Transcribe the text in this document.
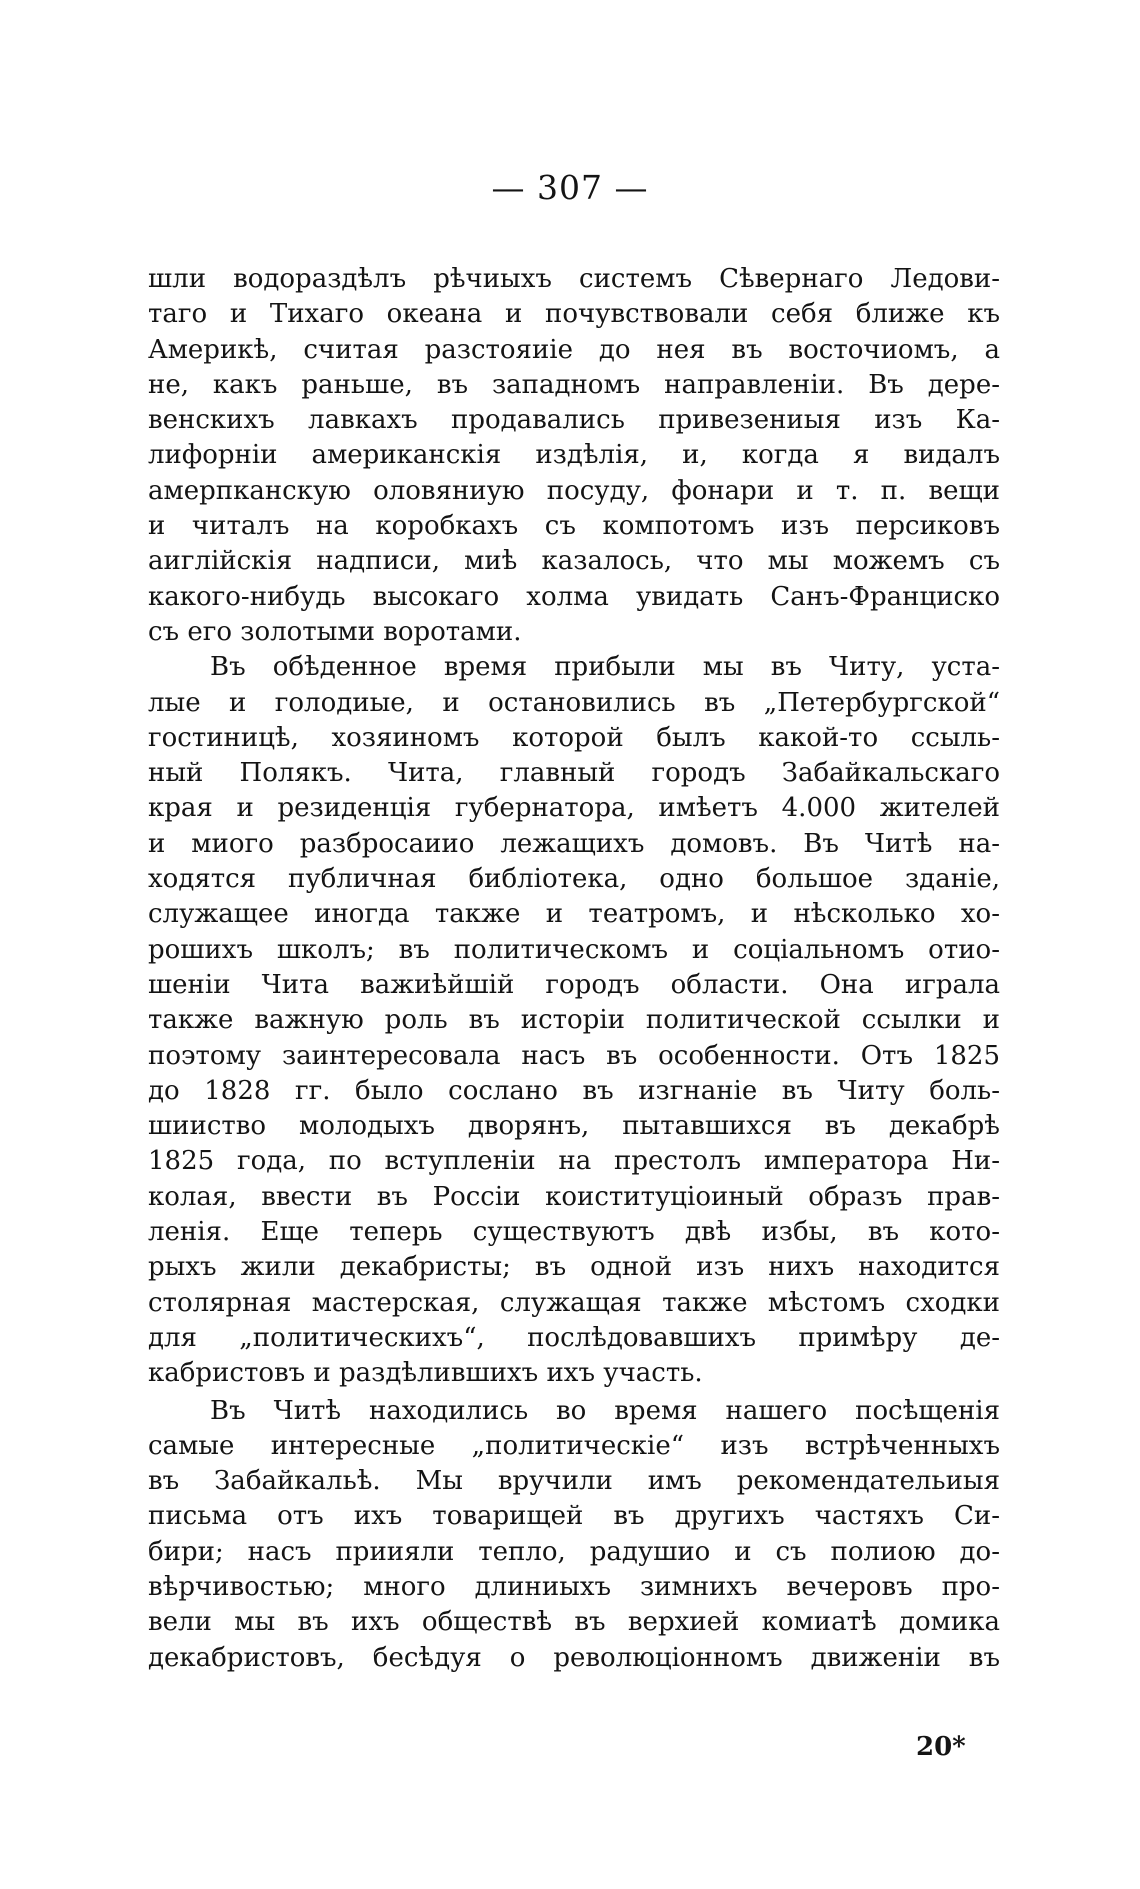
— 307 —
шли водораздѣлъ рѣчиыхъ системъ Сѣвернаго Ледови-
таго и Тихаго океана и почувствовали себя ближе къ
Америкѣ, считая разстояиіе до нея въ восточиомъ, а
не, какъ раньше, въ западномъ направленіи. Въ дере-
венскихъ лавкахъ продавались привезениыя изъ Ка-
лифорніи американскія издѣлія, и, когда я видалъ
амерпканскую оловяниую посуду, фонари и т. п. вещи
и читалъ на коробкахъ съ компотомъ изъ персиковъ
аиглійскія надписи, миѣ казалось, что мы можемъ съ
какого-нибудь высокаго холма увидать Санъ-Франциско
съ его золотыми воротами.
Въ обѣденное время прибыли мы въ Читу, уста-
лые и голодиые, и остановились въ „Петербургской“
гостиницѣ, хозяиномъ которой былъ какой-то ссыль-
ный Полякъ. Чита, главный городъ Забайкальскаго
края и резиденція губернатора, имѣетъ 4.000 жителей
и миого разбросаиио лежащихъ домовъ. Въ Читѣ на-
ходятся публичная библіотека, одно большое зданіе,
служащее иногда также и театромъ, и нѣсколько хо-
рошихъ школъ; въ политическомъ и соціальномъ отио-
шеніи Чита важиѣйшій городъ области. Она играла
также важную роль въ исторіи политической ссылки и
поэтому заинтересовала насъ въ особенности. Отъ 1825
до 1828 гг. было сослано въ изгнаніе въ Читу боль-
шииство молодыхъ дворянъ, пытавшихся въ декабрѣ
1825 года, по вступленіи на престолъ императора Ни-
колая, ввести въ Россіи коиституціоиный образъ прав-
ленія. Еще теперь существуютъ двѣ избы, въ кото-
рыхъ жили декабристы; въ одной изъ нихъ находится
столярная мастерская, служащая также мѣстомъ сходки
для „политическихъ“, послѣдовавшихъ примѣру де-
кабристовъ и раздѣлившихъ ихъ участь.
Въ Читѣ находились во время нашего посѣщенія
самые интересные „политическіе“ изъ встрѣченныхъ
въ Забайкальѣ. Мы вручили имъ рекомендательиыя
письма отъ ихъ товарищей въ другихъ частяхъ Си-
бири; насъ приияли тепло, радушио и съ полиою до-
вѣрчивостью; много длиниыхъ зимнихъ вечеровъ про-
вели мы въ ихъ обществѣ въ верхией комиатѣ домика
декабристовъ, бесѣдуя о революціонномъ движеніи въ
20*
